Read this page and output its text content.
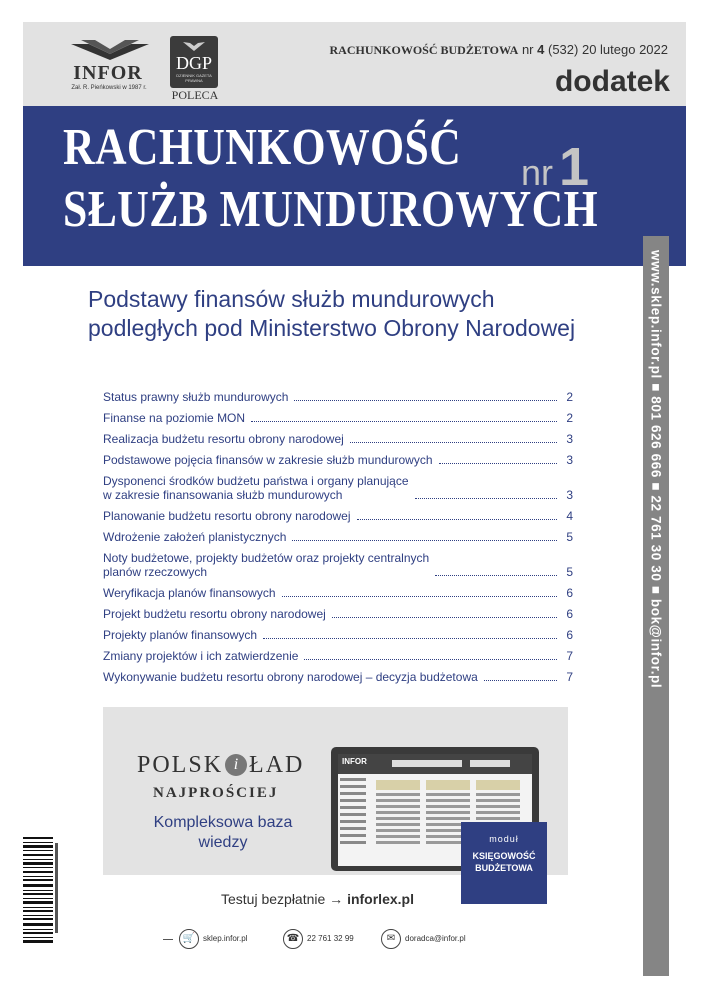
INFOR
Zał. R. Pieńkowski w 1987 r.
DGP
DZIENNIK GAZETA PRAWNA
POLECA
RACHUNKOWOŚĆ BUDŻETOWA nr 4 (532) 20 lutego 2022
dodatek
RACHUNKOWOŚĆ
SŁUŻB MUNDUROWYCH
nr 1
www.sklep.infor.pl ■ 801 626 666 ■ 22 761 30 30 ■ bok@infor.pl
Podstawy finansów służb mundurowych podległych pod Ministerstwo Obrony Narodowej
Status prawny służb mundurowych	2
Finanse na poziomie MON	2
Realizacja budżetu resortu obrony narodowej	3
Podstawowe pojęcia finansów w zakresie służb mundurowych	3
Dysponenci środków budżetu państwa i organy planujące
w zakresie finansowania służb mundurowych	3
Planowanie budżetu resortu obrony narodowej	4
Wdrożenie założeń planistycznych	5
Noty budżetowe, projekty budżetów oraz projekty centralnych
planów rzeczowych	5
Weryfikacja planów finansowych	6
Projekt budżetu resortu obrony narodowej	6
Projekty planów finansowych	6
Zmiany projektów i ich zatwierdzenie	7
Wykonywanie budżetu resortu obrony narodowej – decyzja budżetowa	7
POLSK i ŁAD
NAJPROŚCIEJ
Kompleksowa baza wiedzy
INFOR
moduł
KSIĘGOWOŚĆ BUDŻETOWA
Testuj bezpłatnie → inforlex.pl
🛒 sklep.infor.pl	☎ 22 761 32 99	✉ doradca@infor.pl
